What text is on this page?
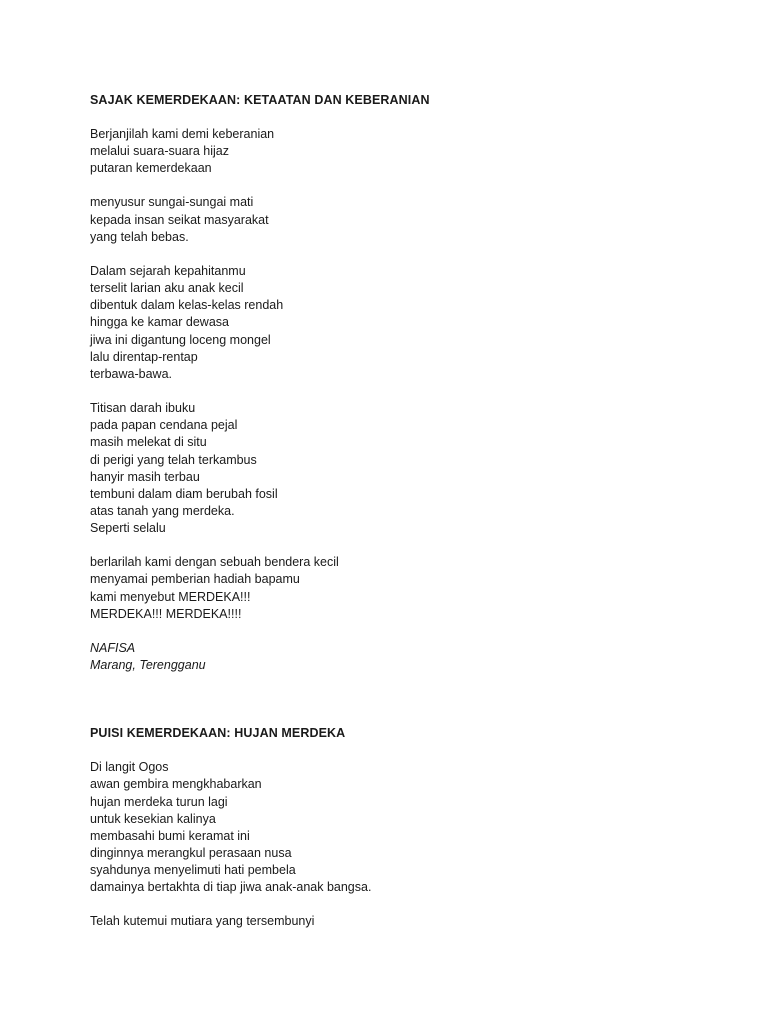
SAJAK KEMERDEKAAN: KETAATAN DAN KEBERANIAN
Berjanjilah kami demi keberanian
melalui suara-suara hijaz
putaran kemerdekaan
menyusur sungai-sungai mati
kepada insan seikat masyarakat
yang telah bebas.
Dalam sejarah kepahitanmu
terselit larian aku anak kecil
dibentuk dalam kelas-kelas rendah
hingga ke kamar dewasa
jiwa ini digantung loceng mongel
lalu direntap-rentap
terbawa-bawa.
Titisan darah ibuku
pada papan cendana pejal
masih melekat di situ
di perigi yang telah terkambus
hanyir masih terbau
tembuni dalam diam berubah fosil
atas tanah yang merdeka.
Seperti selalu
berlarilah kami dengan sebuah bendera kecil
menyamai pemberian hadiah bapamu
kami menyebut MERDEKA!!!
MERDEKA!!! MERDEKA!!!!
NAFISA
Marang, Terengganu
PUISI KEMERDEKAAN: HUJAN MERDEKA
Di langit Ogos
awan gembira mengkhabarkan
hujan merdeka turun lagi
untuk kesekian kalinya
membasahi bumi keramat ini
dinginnya merangkul perasaan nusa
syahdunya menyelimuti hati pembela
damainya bertakhta di tiap jiwa anak-anak bangsa.
Telah kutemui mutiara yang tersembunyi
